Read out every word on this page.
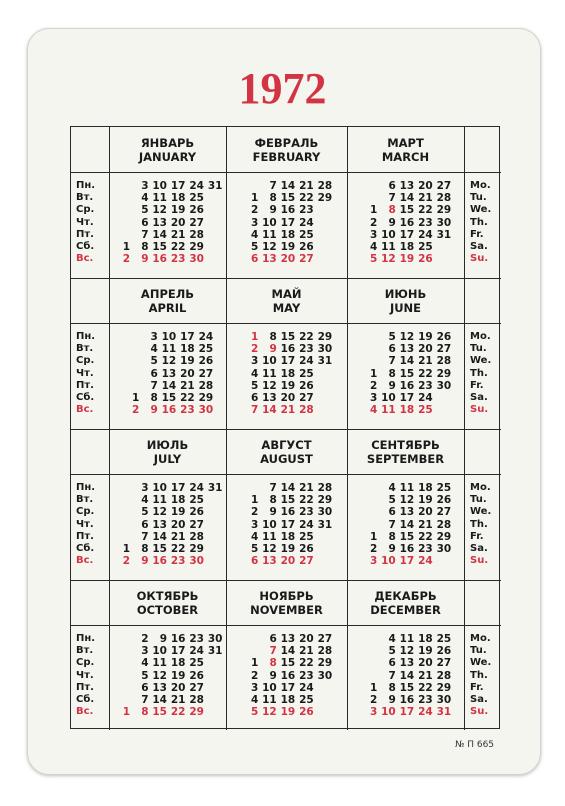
1972
Пн.
Вт.
Ср.
Чт.
Пт.
Сб.
Вс.
Mo.
Tu.
We.
Th.
Fr.
Sa.
Su.
ЯНВАРЬ
JANUARY
1
2
3
4
5
6
7
8
9
10
11
12
13
14
15
16
17
18
19
20
21
22
23
24
25
26
27
28
29
30
31
ФЕВРАЛЬ
FEBRUARY
1
2
3
4
5
6
7
8
9
10
11
12
13
14
15
16
17
18
19
20
21
22
23
24
25
26
27
28
29
МАРТ
MARCH
1
2
3
4
5
6
7
8
9
10
11
12
13
14
15
16
17
18
19
20
21
22
23
24
25
26
27
28
29
30
31
Пн.
Вт.
Ср.
Чт.
Пт.
Сб.
Вс.
Mo.
Tu.
We.
Th.
Fr.
Sa.
Su.
АПРЕЛЬ
APRIL
1
2
3
4
5
6
7
8
9
10
11
12
13
14
15
16
17
18
19
20
21
22
23
24
25
26
27
28
29
30
МАЙ
MAY
1
2
3
4
5
6
7
8
9
10
11
12
13
14
15
16
17
18
19
20
21
22
23
24
25
26
27
28
29
30
31
ИЮНЬ
JUNE
1
2
3
4
5
6
7
8
9
10
11
12
13
14
15
16
17
18
19
20
21
22
23
24
25
26
27
28
29
30
Пн.
Вт.
Ср.
Чт.
Пт.
Сб.
Вс.
Mo.
Tu.
We.
Th.
Fr.
Sa.
Su.
ИЮЛЬ
JULY
1
2
3
4
5
6
7
8
9
10
11
12
13
14
15
16
17
18
19
20
21
22
23
24
25
26
27
28
29
30
31
АВГУСТ
AUGUST
1
2
3
4
5
6
7
8
9
10
11
12
13
14
15
16
17
18
19
20
21
22
23
24
25
26
27
28
29
30
31
СЕНТЯБРЬ
SEPTEMBER
1
2
3
4
5
6
7
8
9
10
11
12
13
14
15
16
17
18
19
20
21
22
23
24
25
26
27
28
29
30
Пн.
Вт.
Ср.
Чт.
Пт.
Сб.
Вс.
Mo.
Tu.
We.
Th.
Fr.
Sa.
Su.
ОКТЯБРЬ
OCTOBER
1
2
3
4
5
6
7
8
9
10
11
12
13
14
15
16
17
18
19
20
21
22
23
24
25
26
27
28
29
30
31
НОЯБРЬ
NOVEMBER
1
2
3
4
5
6
7
8
9
10
11
12
13
14
15
16
17
18
19
20
21
22
23
24
25
26
27
28
29
30
ДЕКАБРЬ
DECEMBER
1
2
3
4
5
6
7
8
9
10
11
12
13
14
15
16
17
18
19
20
21
22
23
24
25
26
27
28
29
30
31
№ П 665
